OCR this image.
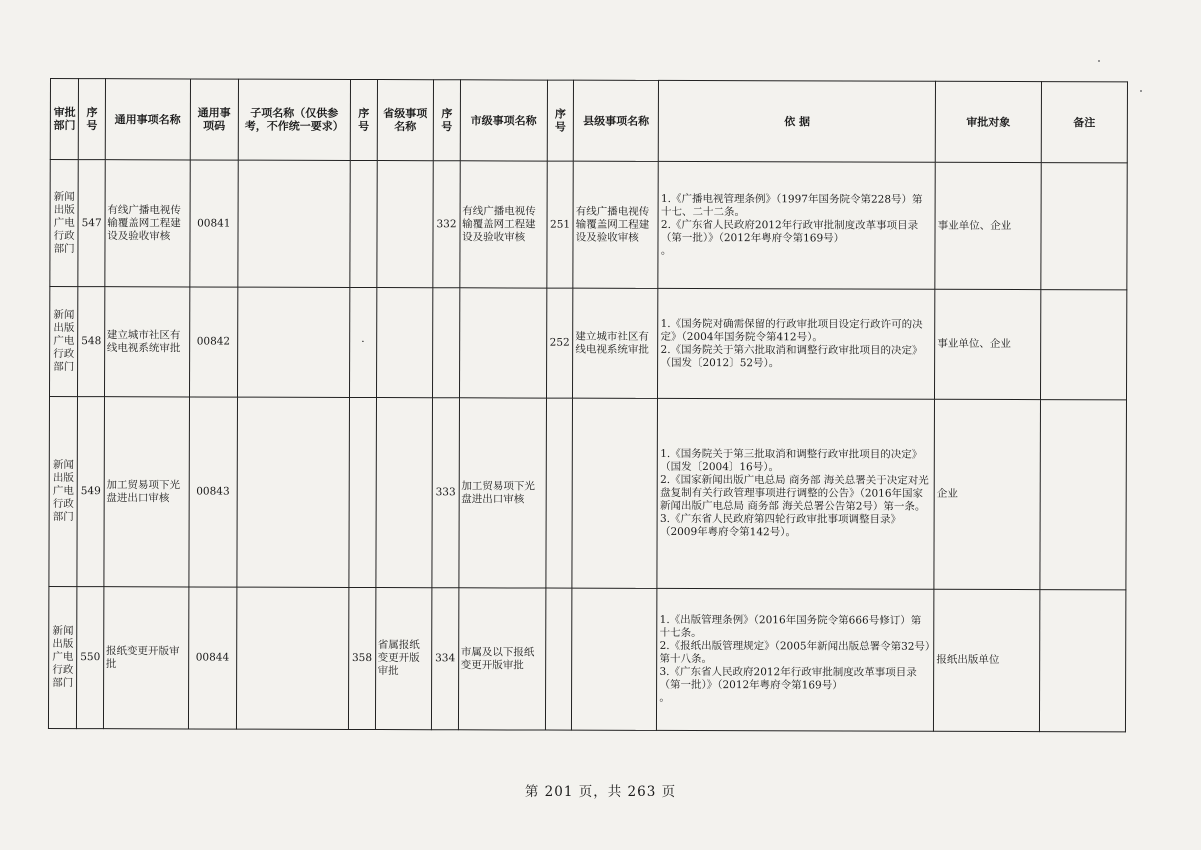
审批部门	序号	通用事项名称	通用事项码	子项名称（仅供参考，不作统一要求）	序号	省级事项名称	序号	市级事项名称	序号	县级事项名称	依 据	审批对象	备注
新闻出版广电行政部门	547	有线广播电视传输覆盖网工程建设及验收审核	00841				332	有线广播电视传输覆盖网工程建设及验收审核	251	有线广播电视传输覆盖网工程建设及验收审核	1.《广播电视管理条例》（1997年国务院令第228号）第十七、二十二条。
2.《广东省人民政府2012年行政审批制度改革事项目录（第一批）》（2012年粤府令第169号）
。	事业单位、企业	
新闻出版广电行政部门	548	建立城市社区有线电视系统审批	00842		·				252	建立城市社区有线电视系统审批	1.《国务院对确需保留的行政审批项目设定行政许可的决定》（2004年国务院令第412号）。
2.《国务院关于第六批取消和调整行政审批项目的决定》（国发〔2012〕52号）。	事业单位、企业	
新闻出版广电行政部门	549	加工贸易项下光盘进出口审核	00843				333	加工贸易项下光盘进出口审核			1.《国务院关于第三批取消和调整行政审批项目的决定》（国发〔2004〕16号）。
2.《国家新闻出版广电总局 商务部 海关总署关于决定对光盘复制有关行政管理事项进行调整的公告》（2016年国家新闻出版广电总局 商务部 海关总署公告第2号）第一条。
3.《广东省人民政府第四轮行政审批事项调整目录》（2009年粤府令第142号）。	企业	
新闻出版广电行政部门	550	报纸变更开版审批	00844		358	省属报纸变更开版审批	334	市属及以下报纸变更开版审批			1.《出版管理条例》（2016年国务院令第666号修订）第十七条。
2.《报纸出版管理规定》（2005年新闻出版总署令第32号）第十八条。
3.《广东省人民政府2012年行政审批制度改革事项目录（第一批）》（2012年粤府令第169号）
。	报纸出版单位	
第 201 页，共 263 页
